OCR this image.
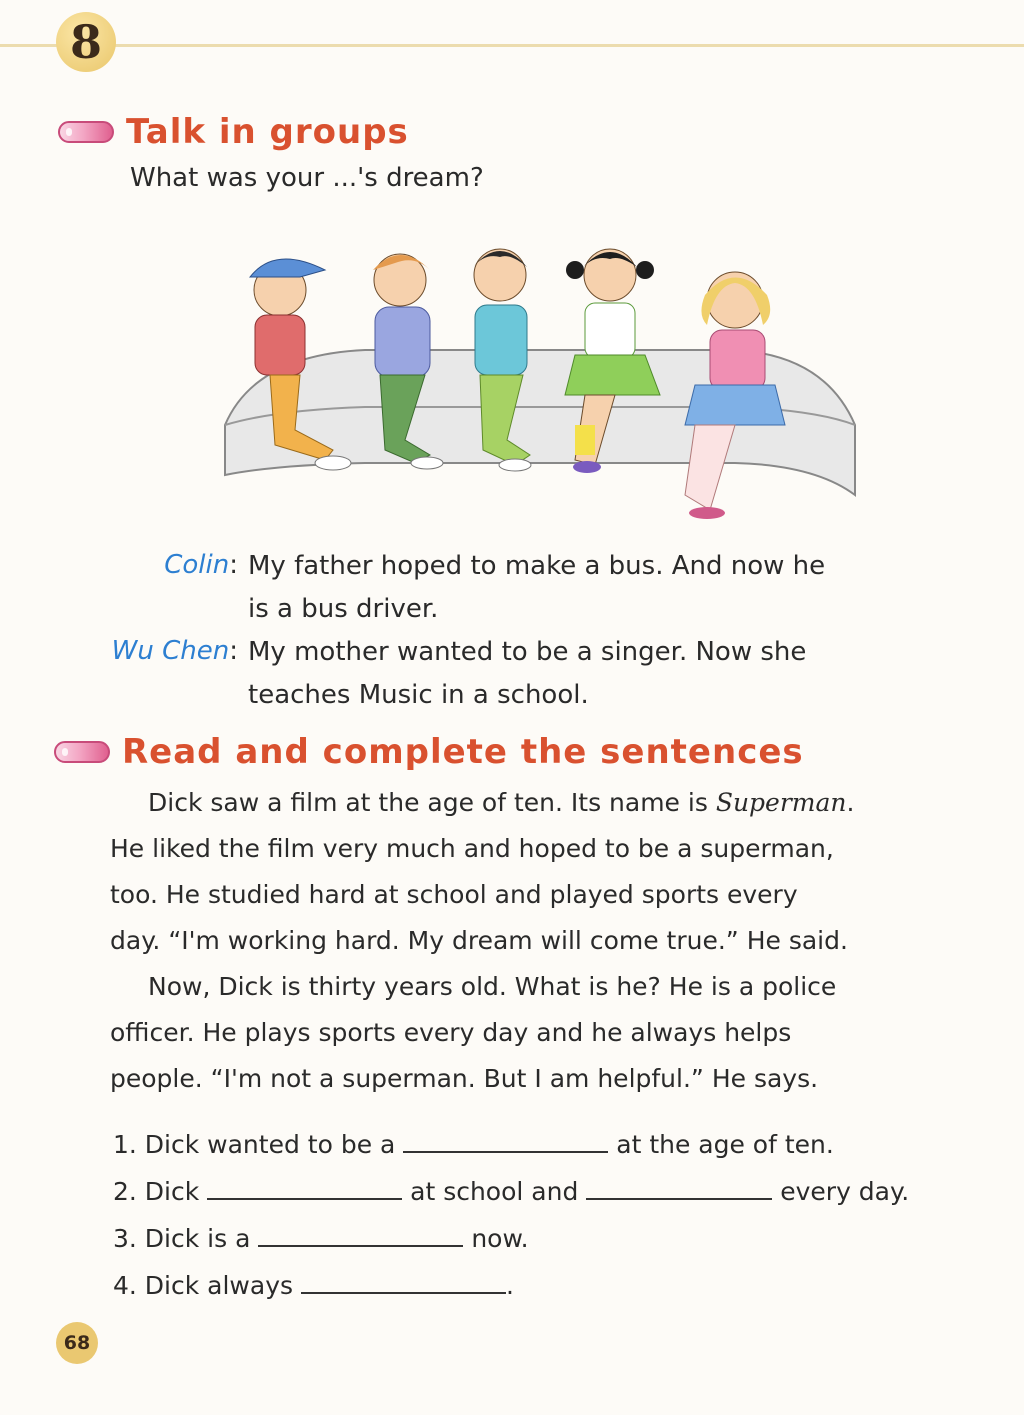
8
Talk in groups
What was your ...'s dream?
Colin: My father hoped to make a bus. And now he
is a bus driver.
Wu Chen: My mother wanted to be a singer. Now she
teaches Music in a school.
Read and complete the sentences
Dick saw a film at the age of ten. Its name is Superman.
He liked the film very much and hoped to be a superman,
too. He studied hard at school and played sports every
day. “I'm working hard. My dream will come true.” He said.
Now, Dick is thirty years old. What is he? He is a police
officer. He plays sports every day and he always helps
people. “I'm not a superman. But I am helpful.” He says.
1. Dick wanted to be a	at the age of ten.
2. Dick	at school and	every day.
3. Dick is a	now.
4. Dick always	.
68
